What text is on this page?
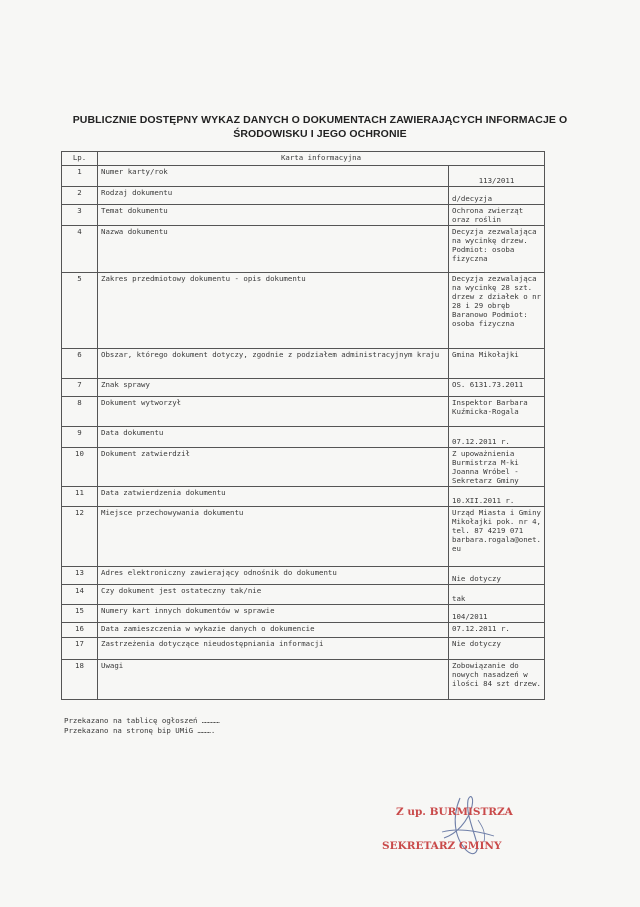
PUBLICZNIE DOSTĘPNY WYKAZ DANYCH O DOKUMENTACH ZAWIERAJĄCYCH INFORMACJE O
ŚRODOWISKU I JEGO OCHRONIE
Lp.	Karta informacyjna	
1	Numer karty/rok	113/2011
2	Rodzaj dokumentu	d/decyzja
3	Temat dokumentu	Ochrona zwierząt oraz roślin
4	Nazwa dokumentu	Decyzja zezwalająca na wycinkę drzew. Podmiot: osoba fizyczna
5	Zakres przedmiotowy dokumentu - opis dokumentu	Decyzja zezwalająca na wycinkę 28 szt. drzew z działek o nr 28 i 29 obręb Baranowo Podmiot: osoba fizyczna
6	Obszar, którego dokument dotyczy, zgodnie z podziałem administracyjnym kraju	Gmina Mikołajki
7	Znak sprawy	OS. 6131.73.2011
8	Dokument wytworzył	Inspektor Barbara Kuźmicka-Rogala
9	Data dokumentu	07.12.2011 r.
10	Dokument zatwierdził	Z upoważnienia Burmistrza M-ki Joanna Wróbel - Sekretarz Gminy
11	Data zatwierdzenia dokumentu	10.XII.2011 r.
12	Miejsce przechowywania dokumentu	Urząd Miasta i Gminy Mikołajki pok. nr 4, tel. 87 4219 071 barbara.rogala@onet.eu
13	Adres elektroniczny zawierający odnośnik do dokumentu	Nie dotyczy
14	Czy dokument jest ostateczny tak/nie	tak
15	Numery kart innych dokumentów w sprawie	104/2011
16	Data zamieszczenia w wykazie danych o dokumencie	07.12.2011 r.
17	Zastrzeżenia dotyczące nieudostępniania informacji	Nie dotyczy
18	Uwagi	Zobowiązanie do nowych nasadzeń w ilości 84 szt drzew.
Przekazano na tablicę ogłoszeń …………
Przekazano na stronę bip UMiG ……….
Z up. BURMISTRZA
SEKRETARZ GMINY
